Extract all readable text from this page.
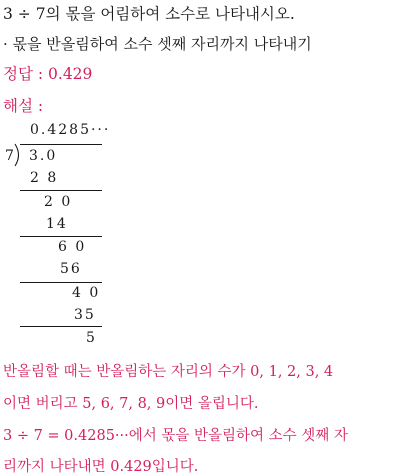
3 ÷ 7의 몫을 어림하여 소수로 나타내시오.
· 몫을 반올림하여 소수 셋째 자리까지 나타내기
정답 : 0.429
해설 :
0.4285···
7 3.0
2 8
2 0
14
6 0
56
4 0
35
5
반올림할 때는 반올림하는 자리의 수가 0, 1, 2, 3, 4
이면 버리고 5, 6, 7, 8, 9이면 올립니다.
3 ÷ 7 = 0.4285···에서 몫을 반올림하여 소수 셋째 자
리까지 나타내면 0.429입니다.
